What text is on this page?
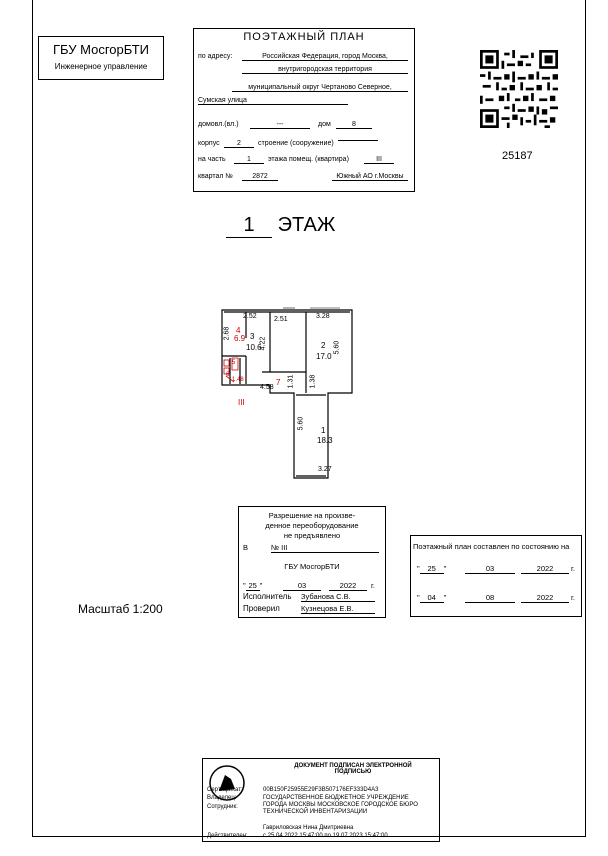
ГБУ МосгорБТИ
Инженерное управление
ПОЭТАЖНЫЙ ПЛАН
по адресу:	Российская Федерация, город Москва,
внутригородская территория
муниципальный округ Чертаново Северное,
Сумская улица
домовл.(вл.)	---	дом	8
корпус	2	строение (сооружение)
на часть	1	этажа помещ. (квартира)	III
квартал №	2872	Южный АО г.Москвы
25187
1 ЭТАЖ
4
6.9 3
10.6	2
17.0
1
18.3
5
6
7
2.52 2.51	3.28
2.68
4.22	5.60
1.31 1.38
4.58
5.60
3.27
1.48
III
Масштаб 1:200
Разрешение на произве-
денное переоборудование
не предъявлено
В	№ III
ГБУ МосгорБТИ
" 25 "	03	2022	г.
Исполнитель Зубанова С.В.
Проверил	Кузнецова Е.В.
Поэтажный план составлен по состоянию на
" 25 "	03	2022	г.
" 04 "	08	2022	г.
ДОКУМЕНТ ПОДПИСАН ЭЛЕКТРОННОЙ
ПОДПИСЬЮ
Сертификат:	00B150F25955E29F3B507176EF333D4A3
Владелец:	ГОСУДАРСТВЕННОЕ БЮДЖЕТНОЕ УЧРЕЖДЕНИЕ ГОРОДА МОСКВЫ МОСКОВСКОЕ ГОРОДСКОЕ БЮРО ТЕХНИЧЕСКОЙ ИНВЕНТАРИЗАЦИИ
Сотрудник:
Гавриловская Нина Дмитриевна
Действителен:	с 25.04.2022 15:47:00 по 19.07.2023 15:47:00
